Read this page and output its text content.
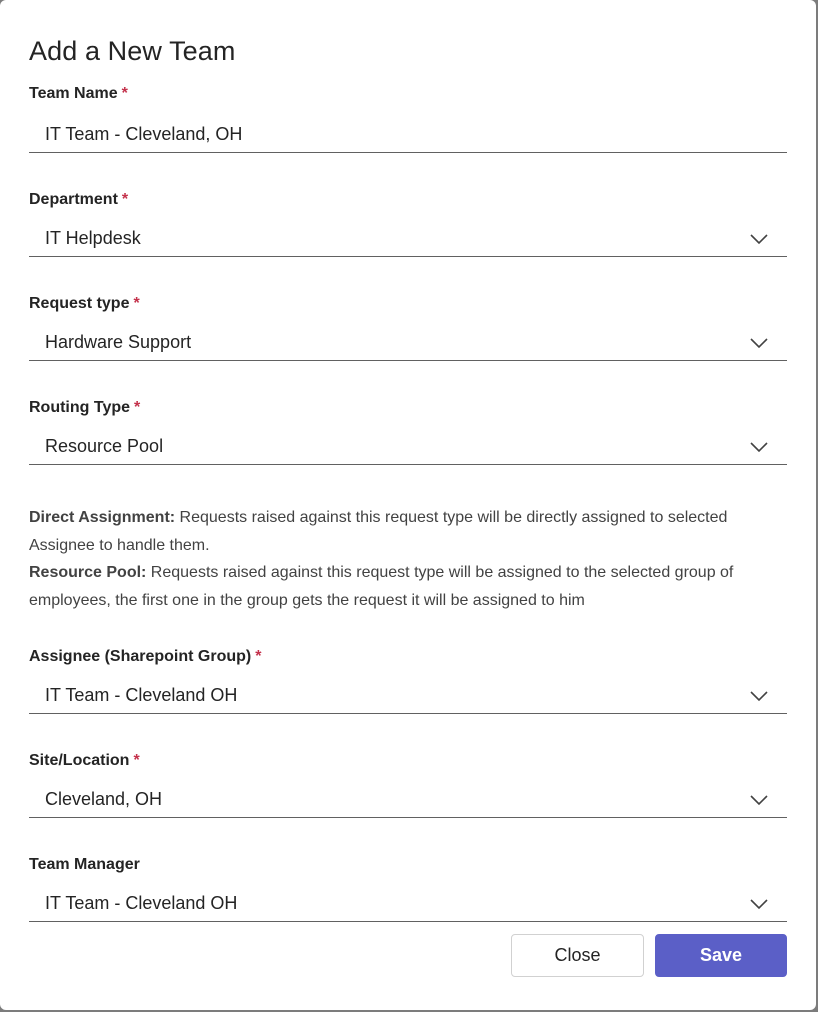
Add a New Team
Team Name *
IT Team - Cleveland, OH
Department *
IT Helpdesk
Request type *
Hardware Support
Routing Type *
Resource Pool
Direct Assignment: Requests raised against this request type will be directly assigned to selected Assignee to handle them.
Resource Pool: Requests raised against this request type will be assigned to the selected group of employees, the first one in the group gets the request it will be assigned to him
Assignee (Sharepoint Group) *
IT Team - Cleveland OH
Site/Location *
Cleveland, OH
Team Manager
IT Team - Cleveland OH
Close	Save
